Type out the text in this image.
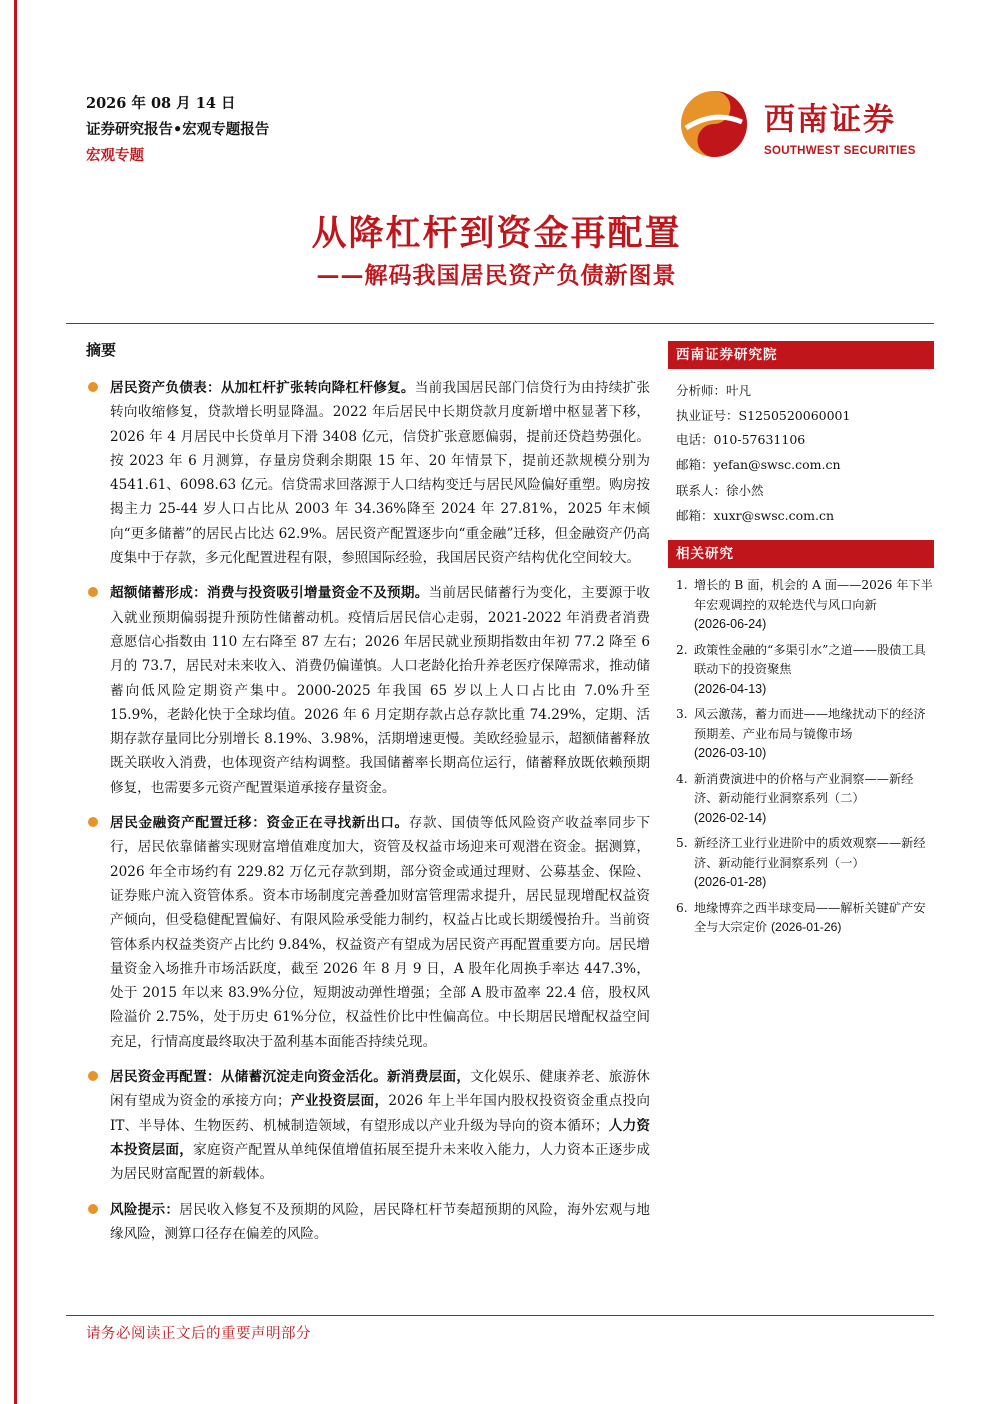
2026 年 08 月 14 日
证券研究报告•宏观专题报告
宏观专题
西南证券
SOUTHWEST SECURITIES
从降杠杆到资金再配置
——解码我国居民资产负债新图景
摘要
居民资产负债表：从加杠杆扩张转向降杠杆修复。当前我国居民部门信贷行为由持续扩张转向收缩修复，贷款增长明显降温。2022 年后居民中长期贷款月度新增中枢显著下移，2026 年 4 月居民中长贷单月下滑 3408 亿元，信贷扩张意愿偏弱，提前还贷趋势强化。按 2023 年 6 月测算，存量房贷剩余期限 15 年、20 年情景下，提前还款规模分别为 4541.61、6098.63 亿元。信贷需求回落源于人口结构变迁与居民风险偏好重塑。购房按揭主力 25-44 岁人口占比从 2003 年 34.36%降至 2024 年 27.81%，2025 年末倾向“更多储蓄”的居民占比达 62.9%。居民资产配置逐步向“重金融”迁移，但金融资产仍高度集中于存款，多元化配置进程有限，参照国际经验，我国居民资产结构优化空间较大。
超额储蓄形成：消费与投资吸引增量资金不及预期。当前居民储蓄行为变化，主要源于收入就业预期偏弱提升预防性储蓄动机。疫情后居民信心走弱，2021-2022 年消费者消费意愿信心指数由 110 左右降至 87 左右；2026 年居民就业预期指数由年初 77.2 降至 6 月的 73.7，居民对未来收入、消费仍偏谨慎。人口老龄化抬升养老医疗保障需求，推动储蓄向低风险定期资产集中。2000-2025 年我国 65 岁以上人口占比由 7.0%升至 15.9%，老龄化快于全球均值。2026 年 6 月定期存款占总存款比重 74.29%，定期、活期存款存量同比分别增长 8.19%、3.98%，活期增速更慢。美欧经验显示，超额储蓄释放既关联收入消费，也体现资产结构调整。我国储蓄率长期高位运行，储蓄释放既依赖预期修复，也需要多元资产配置渠道承接存量资金。
居民金融资产配置迁移：资金正在寻找新出口。存款、国债等低风险资产收益率同步下行，居民依靠储蓄实现财富增值难度加大，资管及权益市场迎来可观潜在资金。据测算，2026 年全市场约有 229.82 万亿元存款到期，部分资金或通过理财、公募基金、保险、证券账户流入资管体系。资本市场制度完善叠加财富管理需求提升，居民显现增配权益资产倾向，但受稳健配置偏好、有限风险承受能力制约，权益占比或长期缓慢抬升。当前资管体系内权益类资产占比约 9.84%，权益资产有望成为居民资产再配置重要方向。居民增量资金入场推升市场活跃度，截至 2026 年 8 月 9 日，A 股年化周换手率达 447.3%，处于 2015 年以来 83.9%分位，短期波动弹性增强；全部 A 股市盈率 22.4 倍，股权风险溢价 2.75%，处于历史 61%分位，权益性价比中性偏高位。中长期居民增配权益空间充足，行情高度最终取决于盈利基本面能否持续兑现。
居民资金再配置：从储蓄沉淀走向资金活化。新消费层面，文化娱乐、健康养老、旅游休闲有望成为资金的承接方向；产业投资层面，2026 年上半年国内股权投资资金重点投向 IT、半导体、生物医药、机械制造领域，有望形成以产业升级为导向的资本循环；人力资本投资层面，家庭资产配置从单纯保值增值拓展至提升未来收入能力，人力资本正逐步成为居民财富配置的新载体。
风险提示：居民收入修复不及预期的风险，居民降杠杆节奏超预期的风险，海外宏观与地缘风险，测算口径存在偏差的风险。
西南证券研究院
分析师：叶凡
执业证号：S1250520060001
电话：010-57631106
邮箱：yefan@swsc.com.cn
联系人：徐小然
邮箱：xuxr@swsc.com.cn
相关研究
1. 增长的 B 面，机会的 A 面——2026 年下半年宏观调控的双轮迭代与风口向新
(2026-06-24)
2. 政策性金融的“多渠引水”之道——股债工具联动下的投资聚焦
(2026-04-13)
3. 风云激荡，蓄力而进——地缘扰动下的经济预期差、产业布局与镜像市场
(2026-03-10)
4. 新消费演进中的价格与产业洞察——新经济、新动能行业洞察系列（二）
(2026-02-14)
5. 新经济工业行业进阶中的质效观察——新经济、新动能行业洞察系列（一）
(2026-01-28)
6. 地缘博弈之西半球变局——解析关键矿产安全与大宗定价 (2026-01-26)
请务必阅读正文后的重要声明部分
